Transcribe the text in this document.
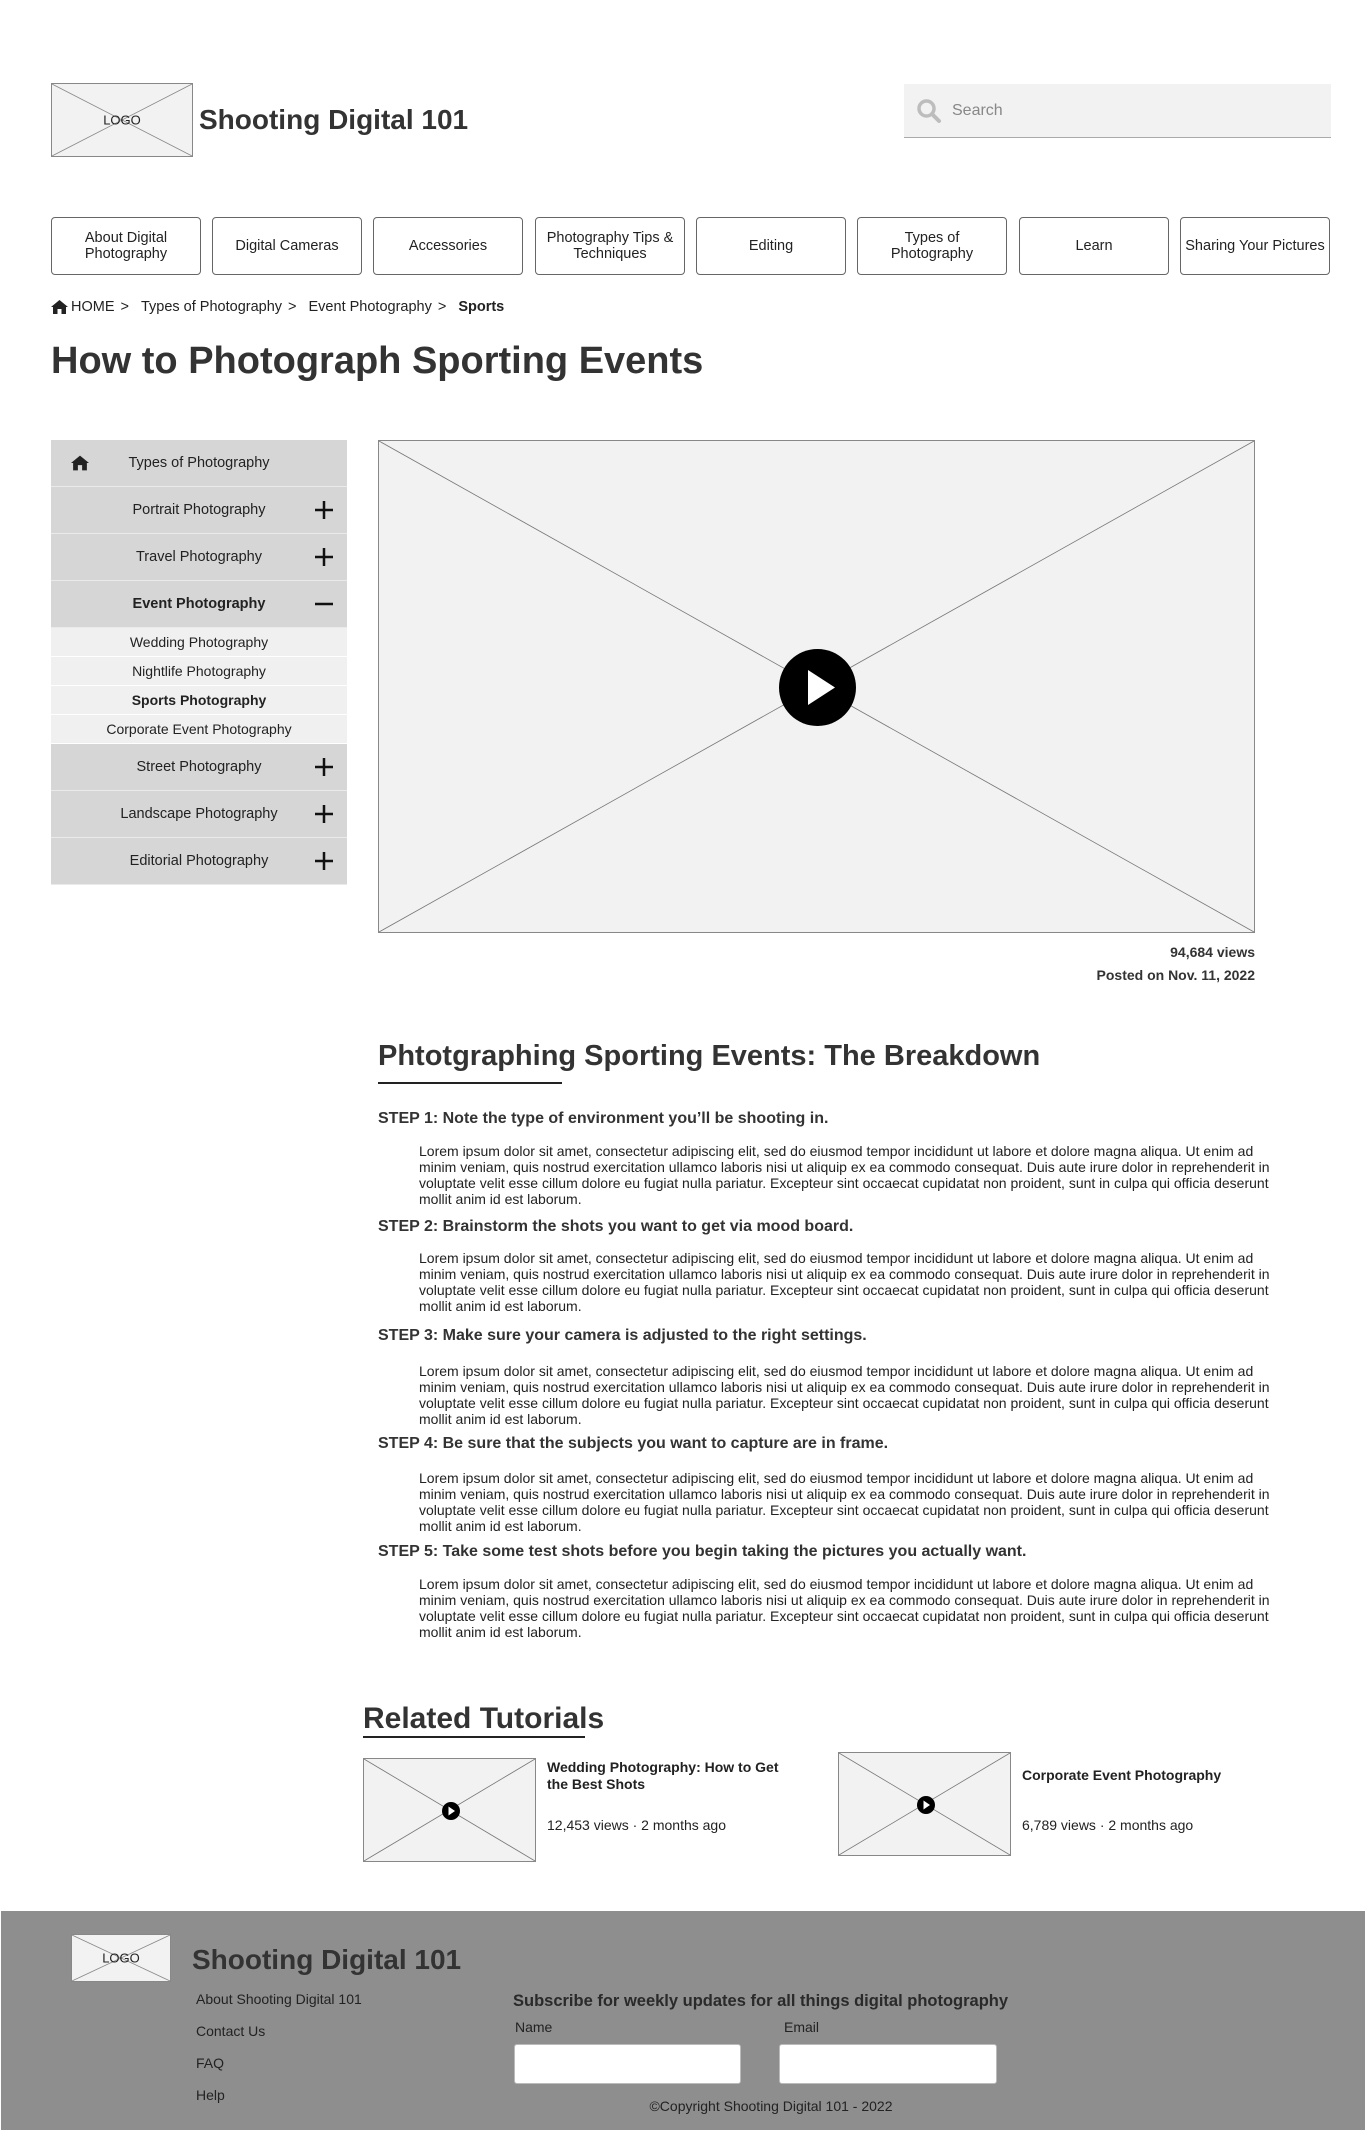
LOGO	Shooting Digital 101
Search
About Digital Photography	Digital Cameras	Accessories	Photography Tips & Techniques	Editing	Types of Photography	Learn	Sharing Your Pictures
HOME > Types of Photography > Event Photography > Sports
How to Photograph Sporting Events
Types of Photography
Portrait Photography
Travel Photography
Event Photography
Wedding Photography
Nightlife Photography
Sports Photography
Corporate Event Photography
Street Photography
Landscape Photography
Editorial Photography
94,684 views
Posted on Nov. 11, 2022
Phtotgraphing Sporting Events: The Breakdown
STEP 1: Note the type of environment you’ll be shooting in.
Lorem ipsum dolor sit amet, consectetur adipiscing elit, sed do eiusmod tempor incididunt ut labore et dolore magna aliqua. Ut enim ad minim veniam, quis nostrud exercitation ullamco laboris nisi ut aliquip ex ea commodo consequat. Duis aute irure dolor in reprehenderit in voluptate velit esse cillum dolore eu fugiat nulla pariatur. Excepteur sint occaecat cupidatat non proident, sunt in culpa qui officia deserunt mollit anim id est laborum.
STEP 2: Brainstorm the shots you want to get via mood board.
Lorem ipsum dolor sit amet, consectetur adipiscing elit, sed do eiusmod tempor incididunt ut labore et dolore magna aliqua. Ut enim ad minim veniam, quis nostrud exercitation ullamco laboris nisi ut aliquip ex ea commodo consequat. Duis aute irure dolor in reprehenderit in voluptate velit esse cillum dolore eu fugiat nulla pariatur. Excepteur sint occaecat cupidatat non proident, sunt in culpa qui officia deserunt mollit anim id est laborum.
STEP 3: Make sure your camera is adjusted to the right settings.
Lorem ipsum dolor sit amet, consectetur adipiscing elit, sed do eiusmod tempor incididunt ut labore et dolore magna aliqua. Ut enim ad minim veniam, quis nostrud exercitation ullamco laboris nisi ut aliquip ex ea commodo consequat. Duis aute irure dolor in reprehenderit in voluptate velit esse cillum dolore eu fugiat nulla pariatur. Excepteur sint occaecat cupidatat non proident, sunt in culpa qui officia deserunt mollit anim id est laborum.
STEP 4: Be sure that the subjects you want to capture are in frame.
Lorem ipsum dolor sit amet, consectetur adipiscing elit, sed do eiusmod tempor incididunt ut labore et dolore magna aliqua. Ut enim ad minim veniam, quis nostrud exercitation ullamco laboris nisi ut aliquip ex ea commodo consequat. Duis aute irure dolor in reprehenderit in voluptate velit esse cillum dolore eu fugiat nulla pariatur. Excepteur sint occaecat cupidatat non proident, sunt in culpa qui officia deserunt mollit anim id est laborum.
STEP 5: Take some test shots before you begin taking the pictures you actually want.
Lorem ipsum dolor sit amet, consectetur adipiscing elit, sed do eiusmod tempor incididunt ut labore et dolore magna aliqua. Ut enim ad minim veniam, quis nostrud exercitation ullamco laboris nisi ut aliquip ex ea commodo consequat. Duis aute irure dolor in reprehenderit in voluptate velit esse cillum dolore eu fugiat nulla pariatur. Excepteur sint occaecat cupidatat non proident, sunt in culpa qui officia deserunt mollit anim id est laborum.
Related Tutorials
Wedding Photography: How to Get the Best Shots
12,453 views · 2 months ago
Corporate Event Photography
6,789 views · 2 months ago
LOGO	Shooting Digital 101
About Shooting Digital 101
Contact Us
FAQ
Help
Subscribe for weekly updates for all things digital photography
Name	Email
©Copyright Shooting Digital 101 - 2022
